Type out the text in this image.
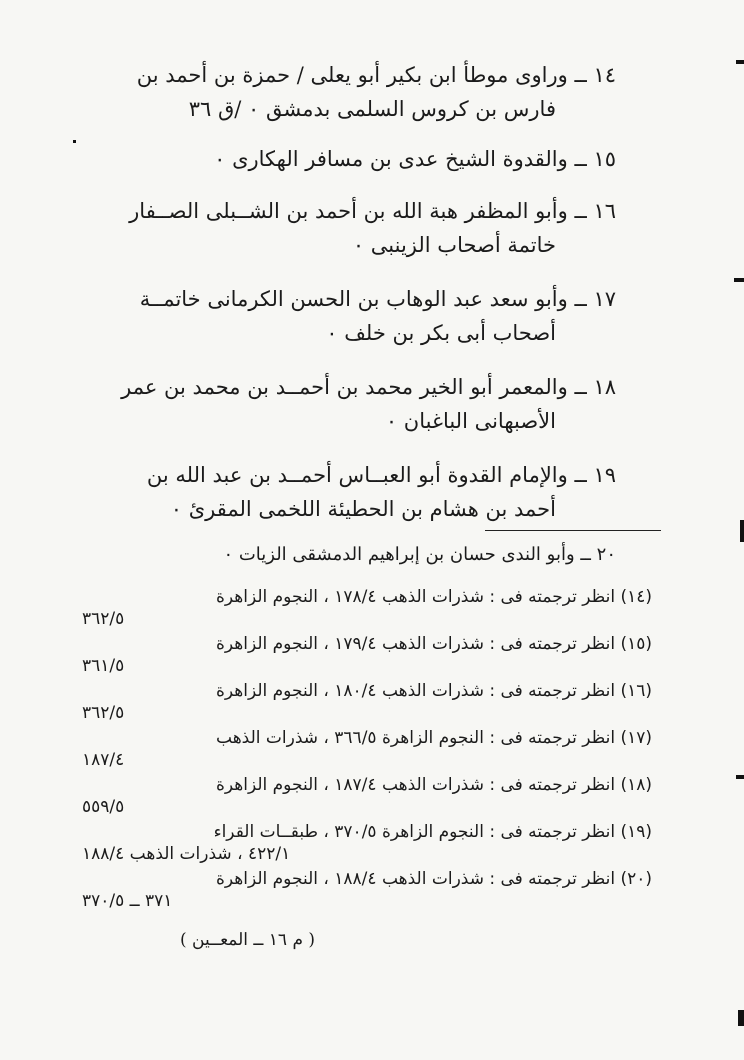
١٤ ــ وراوى موطأ ابن بكير أبو يعلى / حمزة بن أحمد بن

فارس بن كروس السلمى بدمشق ٠ /ق ٣٦

١٥ ــ والقدوة الشيخ عدى بن مسافر الهكارى ٠

١٦ ــ وأبو المظفر هبة الله بن أحمد بن الشــبلى الصــفار

خاتمة أصحاب الزينبى ٠

١٧ ــ وأبو سعد عبد الوهاب بن الحسن الكرمانى خاتمــة

أصحاب أبى بكر بن خلف ٠

١٨ ــ والمعمر أبو الخير محمد بن أحمــد بن محمد بن عمر

الأصبهانى الباغبان ٠

١٩ ــ والإمام القدوة أبو العبــاس أحمــد بن عبد الله بن

أحمد بن هشام بن الحطيئة اللخمى المقرئ ٠

٢٠ ــ وأبو الندى حسان بن إبراهيم الدمشقى الزيات ٠

(١٤) انظر ترجمته فى : شذرات الذهب ١٧٨/٤ ، النجوم الزاهرة
٣٦٢/٥
(١٥) انظر ترجمته فى : شذرات الذهب ١٧٩/٤ ، النجوم الزاهرة
٣٦١/٥
(١٦) انظر ترجمته فى : شذرات الذهب ١٨٠/٤ ، النجوم الزاهرة
٣٦٢/٥
(١٧) انظر ترجمته فى : النجوم الزاهرة ٣٦٦/٥ ، شذرات الذهب
١٨٧/٤
(١٨) انظر ترجمته فى : شذرات الذهب ١٨٧/٤ ، النجوم الزاهرة
٥٥٩/٥
(١٩) انظر ترجمته فى : النجوم الزاهرة ٣٧٠/٥ ، طبقــات القراء
٤٢٢/١ ، شذرات الذهب ١٨٨/٤
(٢٠) انظر ترجمته فى : شذرات الذهب ١٨٨/٤ ، النجوم الزاهرة
٣٧١ ــ ٣٧٠/٥
( م ١٦ ــ المعــين )
